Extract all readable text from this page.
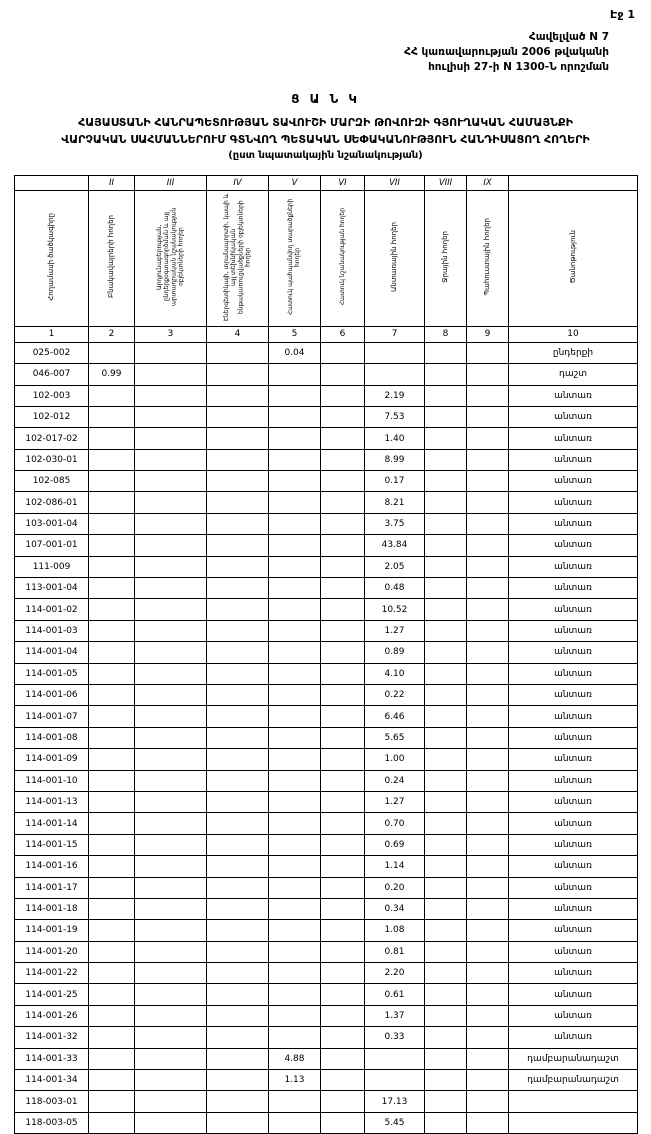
Էջ 1
Հավելված N 7
ՀՀ կառավարության 2006 թվականի
հուլիսի 27-ի N 1300-Ն որոշման
Ց Ա Ն Կ
ՀԱՅԱՍՏԱՆԻ ՀԱՆՐԱՊԵՏՈՒԹՅԱՆ ՏԱՎՈՒՇԻ ՄԱՐԶԻ ԹՈՎՈՒԶԻ ԳՅՈՒՂԱԿԱՆ ՀԱՄԱՅՆՔԻ
ՎԱՐՉԱԿԱՆ ՍԱՀՄԱՆՆԵՐՈՒՄ ԳՏՆՎՈՂ ՊԵՏԱԿԱՆ ՍԵՓԱԿԱՆՈՒԹՅՈՒՆ ՀԱՆԴԻՍԱՑՈՂ ՀՈՂԵՐԻ
(ըստ նպատակային նշանակության)
	II	III	IV	V	VI	VII	VIII	IX	
Հողամասի ծածկագիրը	Բնակավայրերի հողեր	Արդյունաբերության, ընդերքօգտագործման և այլ արտադրական նշանակության օբյեկտների հողեր	Էներգետիկայի, տրանսպորտի, կապի և այլ տեխնիկական ենթակառուցվածքների օբյեկտների հողեր	Հատուկ պահպանվող տարածքների հողեր	Հատուկ նշանակության հողեր	Անտառային հողեր	Ջրային հողեր	Պահուստային հողեր	Ծանոթություն
1	2	3	4	5	6	7	8	9	10
025-002				0.04					ընդերքի
046-007	0.99								դաշտ
102-003						2.19			անտառ
102-012						7.53			անտառ
102-017-02						1.40			անտառ
102-030-01						8.99			անտառ
102-085						0.17			անտառ
102-086-01						8.21			անտառ
103-001-04						3.75			անտառ
107-001-01						43.84			անտառ
111-009						2.05			անտառ
113-001-04						0.48			անտառ
114-001-02						10.52			անտառ
114-001-03						1.27			անտառ
114-001-04						0.89			անտառ
114-001-05						4.10			անտառ
114-001-06						0.22			անտառ
114-001-07						6.46			անտառ
114-001-08						5.65			անտառ
114-001-09						1.00			անտառ
114-001-10						0.24			անտառ
114-001-13						1.27			անտառ
114-001-14						0.70			անտառ
114-001-15						0.69			անտառ
114-001-16						1.14			անտառ
114-001-17						0.20			անտառ
114-001-18						0.34			անտառ
114-001-19						1.08			անտառ
114-001-20						0.81			անտառ
114-001-22						2.20			անտառ
114-001-25						0.61			անտառ
114-001-26						1.37			անտառ
114-001-32						0.33			անտառ
114-001-33				4.88					դամբարանադաշտ
114-001-34				1.13					դամբարանադաշտ
118-003-01						17.13			
118-003-05						5.45			
